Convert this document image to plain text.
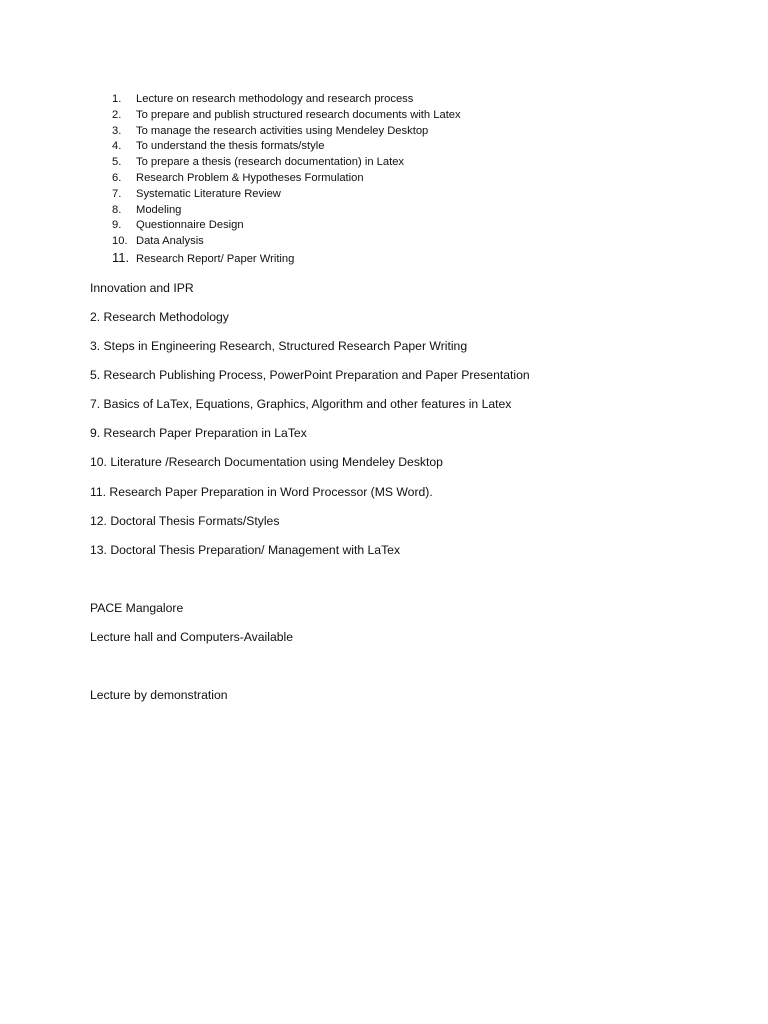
1.	Lecture on research methodology and research process
2.	To prepare and publish structured research documents with Latex
3.	To manage the research activities using Mendeley Desktop
4.	To understand the thesis formats/style
5.	To prepare a thesis (research documentation) in Latex
6.	Research Problem & Hypotheses Formulation
7.	Systematic Literature Review
8.	Modeling
9.	Questionnaire Design
10. Data Analysis
11. Research Report/ Paper Writing

Innovation and IPR

2. Research Methodology

3. Steps in Engineering Research, Structured Research Paper Writing

5. Research Publishing Process, PowerPoint Preparation and Paper Presentation

7. Basics of LaTex, Equations, Graphics, Algorithm and other features in Latex

9. Research Paper Preparation in LaTex

10. Literature /Research Documentation using Mendeley Desktop

11. Research Paper Preparation in Word Processor (MS Word).

12. Doctoral Thesis Formats/Styles

13. Doctoral Thesis Preparation/ Management with LaTex

PACE Mangalore

Lecture hall and Computers-Available

Lecture by demonstration
